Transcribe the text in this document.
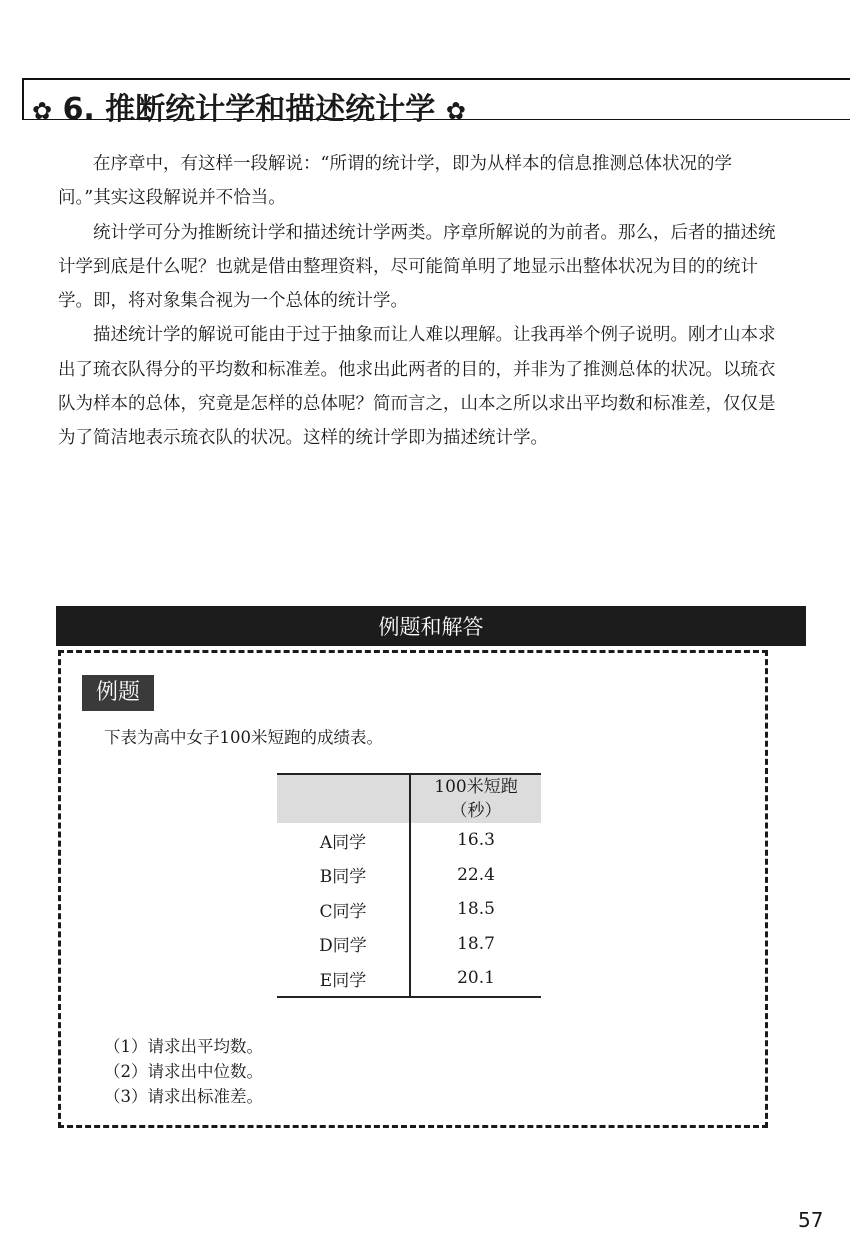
✿ 6. 推断统计学和描述统计学 ✿

在序章中，有这样一段解说：“所谓的统计学，即为从样本的信息推测总体状况的学问。”其实这段解说并不恰当。

统计学可分为推断统计学和描述统计学两类。序章所解说的为前者。那么，后者的描述统计学到底是什么呢？也就是借由整理资料，尽可能简单明了地显示出整体状况为目的的统计学。即，将对象集合视为一个总体的统计学。

描述统计学的解说可能由于过于抽象而让人难以理解。让我再举个例子说明。刚才山本求出了琉衣队得分的平均数和标准差。他求出此两者的目的，并非为了推测总体的状况。以琉衣队为样本的总体，究竟是怎样的总体呢？简而言之，山本之所以求出平均数和标准差，仅仅是为了简洁地表示琉衣队的状况。这样的统计学即为描述统计学。

例题和解答
例题
下表为高中女子100米短跑的成绩表。

	100米短跑
（秒）

A同学	16.3
B同学	22.4
C同学	18.5
D同学	18.7
E同学	20.1
（1）请求出平均数。
（2）请求出中位数。
（3）请求出标准差。
57
